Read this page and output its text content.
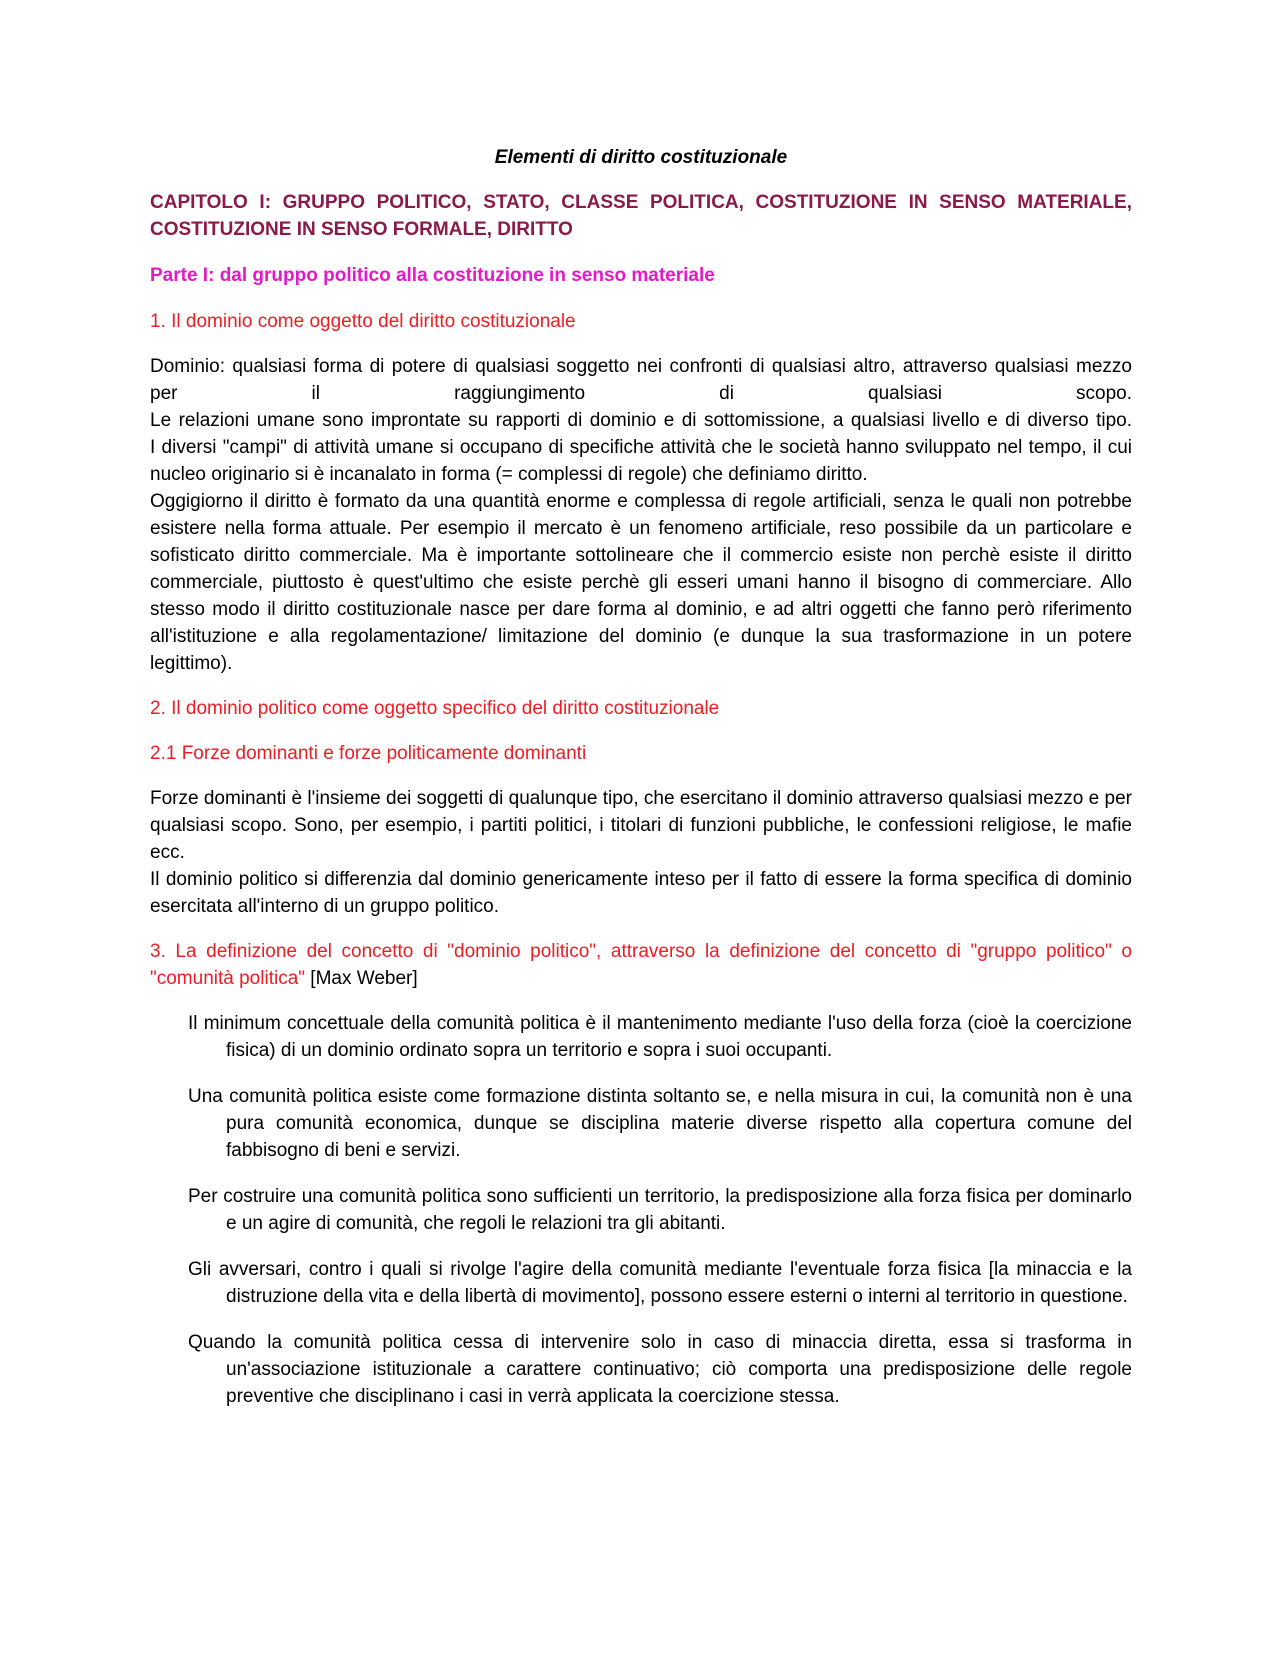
Elementi di diritto costituzionale
CAPITOLO I: GRUPPO POLITICO, STATO, CLASSE POLITICA, COSTITUZIONE IN SENSO MATERIALE, COSTITUZIONE IN SENSO FORMALE, DIRITTO
Parte I: dal gruppo politico alla costituzione in senso materiale
1. Il dominio come oggetto del diritto costituzionale

Dominio: qualsiasi forma di potere di qualsiasi soggetto nei confronti di qualsiasi altro, attraverso qualsiasi mezzo per il raggiungimento di qualsiasi scopo.

Le relazioni umane sono improntate su rapporti di dominio e di sottomissione, a qualsiasi livello e di diverso tipo.

I diversi "campi" di attività umane si occupano di specifiche attività che le società hanno sviluppato nel tempo, il cui nucleo originario si è incanalato in forma (= complessi di regole) che definiamo diritto.

Oggigiorno il diritto è formato da una quantità enorme e complessa di regole artificiali, senza le quali non potrebbe esistere nella forma attuale. Per esempio il mercato è un fenomeno artificiale, reso possibile da un particolare e sofisticato diritto commerciale. Ma è importante sottolineare che il commercio esiste non perchè esiste il diritto commerciale, piuttosto è quest'ultimo che esiste perchè gli esseri umani hanno il bisogno di commerciare. Allo stesso modo il diritto costituzionale nasce per dare forma al dominio, e ad altri oggetti che fanno però riferimento all'istituzione e alla regolamentazione/ limitazione del dominio (e dunque la sua trasformazione in un potere legittimo).

2. Il dominio politico come oggetto specifico del diritto costituzionale
2.1 Forze dominanti e forze politicamente dominanti

Forze dominanti è l'insieme dei soggetti di qualunque tipo, che esercitano il dominio attraverso qualsiasi mezzo e per qualsiasi scopo. Sono, per esempio, i partiti politici, i titolari di funzioni pubbliche, le confessioni religiose, le mafie ecc.

Il dominio politico si differenzia dal dominio genericamente inteso per il fatto di essere la forma specifica di dominio esercitata all'interno di un gruppo politico.

3. La definizione del concetto di "dominio politico", attraverso la definizione del concetto di "gruppo politico" o "comunità politica" [Max Weber]
Il minimum concettuale della comunità politica è il mantenimento mediante l'uso della forza (cioè la coercizione fisica) di un dominio ordinato sopra un territorio e sopra i suoi occupanti.
Una comunità politica esiste come formazione distinta soltanto se, e nella misura in cui, la comunità non è una pura comunità economica, dunque se disciplina materie diverse rispetto alla copertura comune del fabbisogno di beni e servizi.
Per costruire una comunità politica sono sufficienti un territorio, la predisposizione alla forza fisica per dominarlo e un agire di comunità, che regoli le relazioni tra gli abitanti.
Gli avversari, contro i quali si rivolge l'agire della comunità mediante l'eventuale forza fisica [la minaccia e la distruzione della vita e della libertà di movimento], possono essere esterni o interni al territorio in questione.
Quando la comunità politica cessa di intervenire solo in caso di minaccia diretta, essa si trasforma in un'associazione istituzionale a carattere continuativo; ciò comporta una predisposizione delle regole preventive che disciplinano i casi in verrà applicata la coercizione stessa.
